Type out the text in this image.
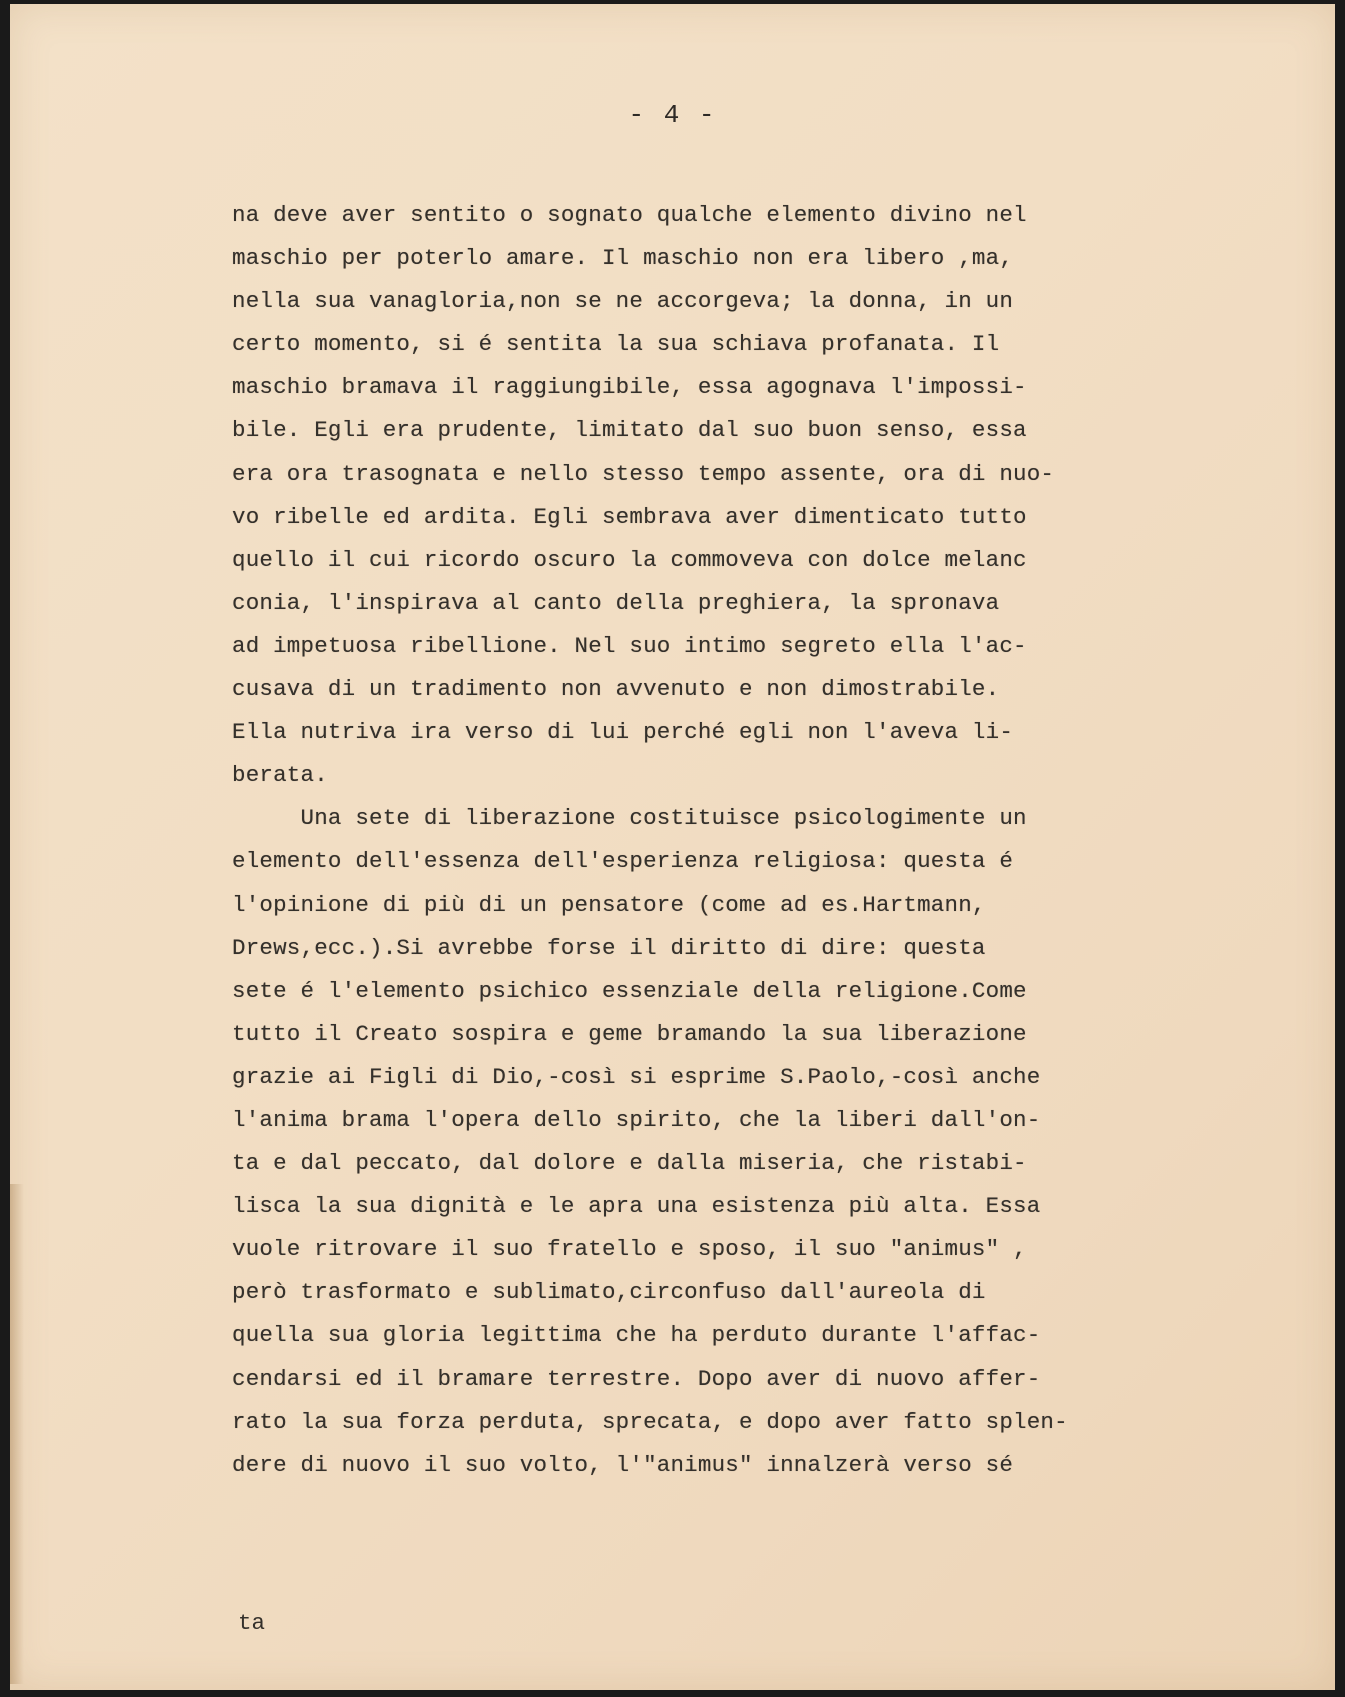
- 4 -

na deve aver sentito o sognato qualche elemento divino nel
maschio per poterlo amare. Il maschio non era libero ,ma,
nella sua vanagloria,non se ne accorgeva; la donna, in un
certo momento, si é sentita la sua schiava profanata. Il
maschio bramava il raggiungibile, essa agognava l'impossi-
bile. Egli era prudente, limitato dal suo buon senso, essa
era ora trasognata e nello stesso tempo assente, ora di nuo-
vo ribelle ed ardita. Egli sembrava aver dimenticato tutto
quello il cui ricordo oscuro la commoveva con dolce melanc
conia, l'inspirava al canto della preghiera, la spronava
ad impetuosa ribellione. Nel suo intimo segreto ella l'ac-
cusava di un tradimento non avvenuto e non dimostrabile.
Ella nutriva ira verso di lui perché egli non l'aveva li-
berata.
Una sete di liberazione costituisce psicologimente un
elemento dell'essenza dell'esperienza religiosa: questa é
l'opinione di più di un pensatore (come ad es.Hartmann,
Drews,ecc.).Si avrebbe forse il diritto di dire: questa
sete é l'elemento psichico essenziale della religione.Come
tutto il Creato sospira e geme bramando la sua liberazione
grazie ai Figli di Dio,-così si esprime S.Paolo,-così anche
l'anima brama l'opera dello spirito, che la liberi dall'on-
ta e dal peccato, dal dolore e dalla miseria, che ristabi-
lisca la sua dignità e le apra una esistenza più alta. Essa
vuole ritrovare il suo fratello e sposo, il suo "animus" ,
però trasformato e sublimato,circonfuso dall'aureola di
quella sua gloria legittima che ha perduto durante l'affac-
cendarsi ed il bramare terrestre. Dopo aver di nuovo affer-
rato la sua forza perduta, sprecata, e dopo aver fatto splen-
dere di nuovo il suo volto, l'"animus" innalzerà verso sé

ta
